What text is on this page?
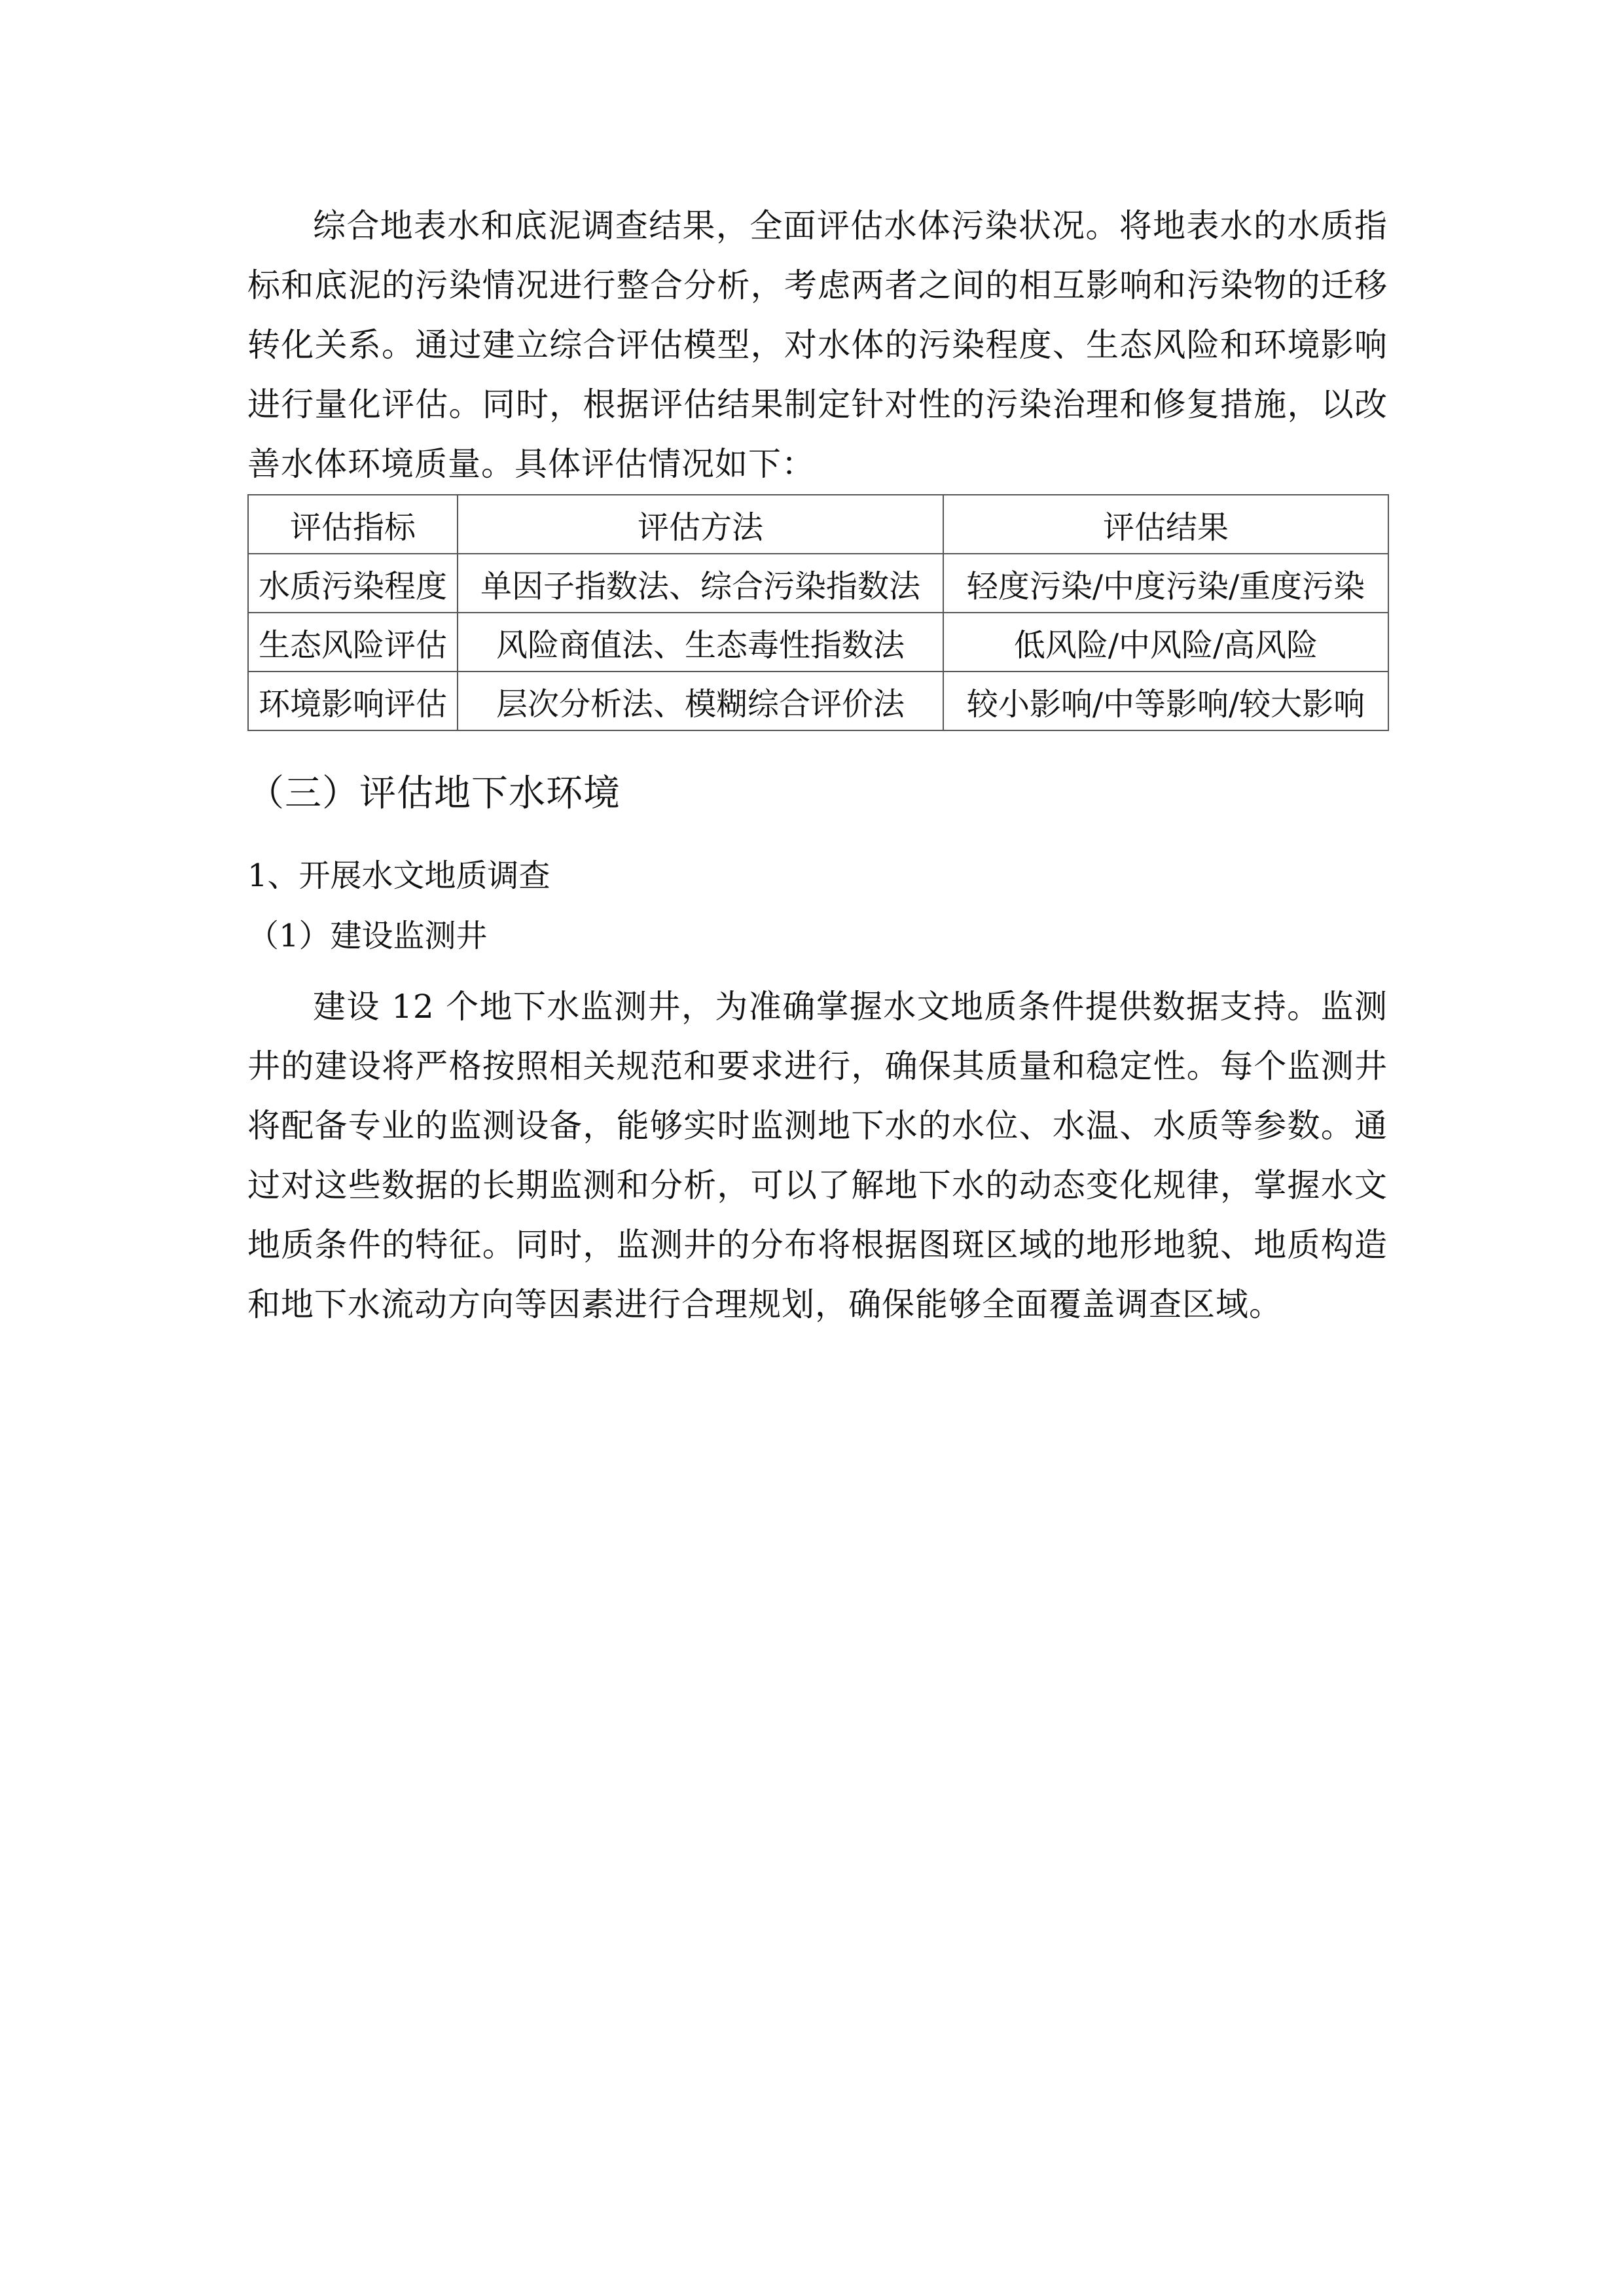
综合地表水和底泥调查结果，全面评估水体污染状况。将地表水的水质指标和底泥的污染情况进行整合分析，考虑两者之间的相互影响和污染物的迁移转化关系。通过建立综合评估模型，对水体的污染程度、生态风险和环境影响进行量化评估。同时，根据评估结果制定针对性的污染治理和修复措施，以改善水体环境质量。具体评估情况如下：

评估指标	评估方法	评估结果
水质污染程度	单因子指数法、综合污染指数法	轻度污染/中度污染/重度污染
生态风险评估	风险商值法、生态毒性指数法	低风险/中风险/高风险
环境影响评估	层次分析法、模糊综合评价法	较小影响/中等影响/较大影响
（三）评估地下水环境
1、开展水文地质调查
（1）建设监测井

建设 12 个地下水监测井，为准确掌握水文地质条件提供数据支持。监测井的建设将严格按照相关规范和要求进行，确保其质量和稳定性。每个监测井将配备专业的监测设备，能够实时监测地下水的水位、水温、水质等参数。通过对这些数据的长期监测和分析，可以了解地下水的动态变化规律，掌握水文地质条件的特征。同时，监测井的分布将根据图斑区域的地形地貌、地质构造和地下水流动方向等因素进行合理规划，确保能够全面覆盖调查区域。
